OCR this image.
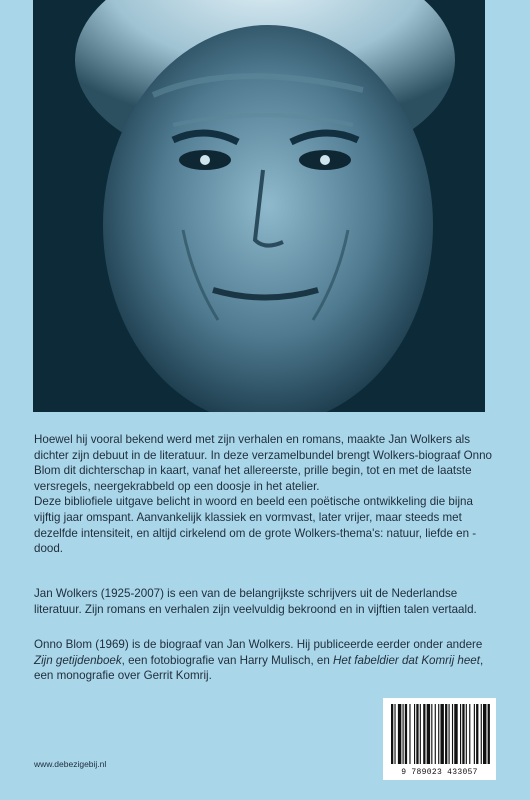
Hoewel hij vooral bekend werd met zijn verhalen en romans, maakte Jan Wolkers als dichter zijn debuut in de literatuur. In deze verzamelbundel brengt Wolkers-biograaf Onno Blom dit dichterschap in kaart, vanaf het allereerste, prille begin, tot en met de laatste versregels, neergekrabbeld op een doosje in het atelier.

Deze bibliofiele uitgave belicht in woord en beeld een poëtische ontwikkeling die bijna vijftig jaar omspant. Aanvankelijk klassiek en vormvast, later vrijer, maar steeds met dezelfde intensiteit, en altijd cirkelend om de grote Wolkers-thema's: natuur, liefde en - dood.

Jan Wolkers (1925-2007) is een van de belangrijkste schrijvers uit de Nederlandse literatuur. Zijn romans en verhalen zijn veelvuldig bekroond en in vijftien talen vertaald.

Onno Blom (1969) is de biograaf van Jan Wolkers. Hij publiceerde eerder onder andere Zijn getijdenboek, een fotobiografie van Harry Mulisch, en Het fabeldier dat Komrij heet, een monografie over Gerrit Komrij.

www.debezigebij.nl
9 789023 433057
